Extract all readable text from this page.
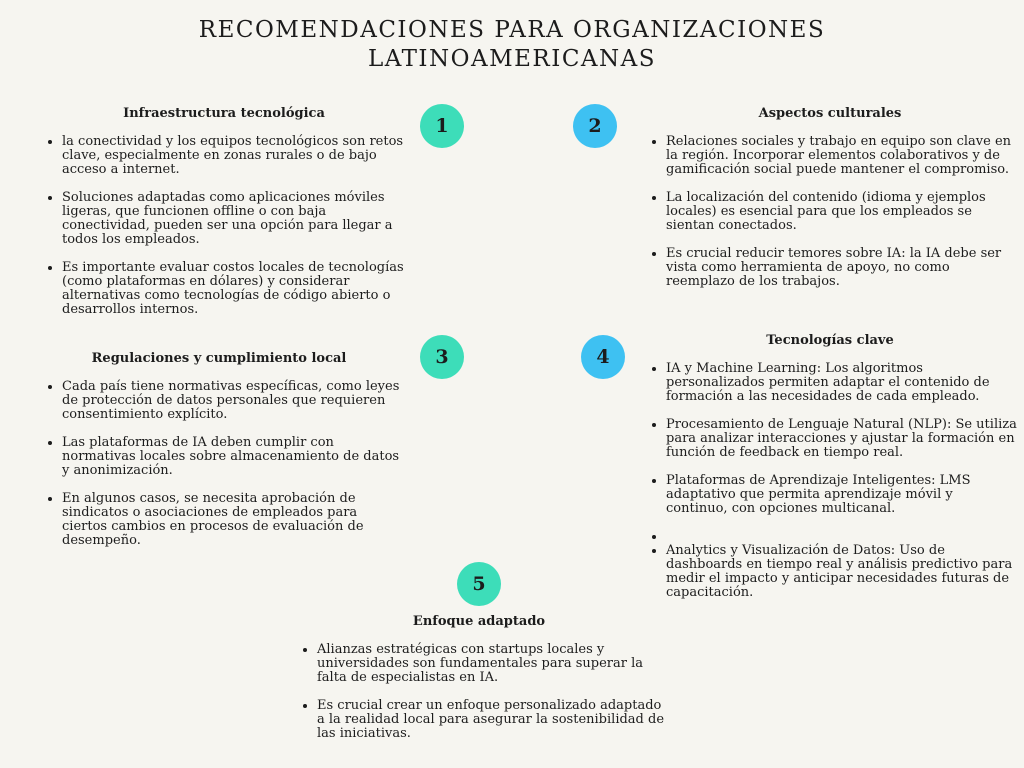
RECOMENDACIONES PARA ORGANIZACIONES
LATINOAMERICANAS
1	2
3	4
5
Infraestructura tecnológica
• la conectividad y los equipos tecnológicos son retos clave, especialmente en zonas rurales o de bajo acceso a internet.
• Soluciones adaptadas como aplicaciones móviles ligeras, que funcionen offline o con baja conectividad, pueden ser una opción para llegar a todos los empleados.
• Es importante evaluar costos locales de tecnologías (como plataformas en dólares) y considerar alternativas como tecnologías de código abierto o desarrollos internos.
Aspectos culturales
• Relaciones sociales y trabajo en equipo son clave en la región. Incorporar elementos colaborativos y de gamificación social puede mantener el compromiso.
• La localización del contenido (idioma y ejemplos locales) es esencial para que los empleados se sientan conectados.
• Es crucial reducir temores sobre IA: la IA debe ser vista como herramienta de apoyo, no como reemplazo de los trabajos.
Regulaciones y cumplimiento local
• Cada país tiene normativas específicas, como leyes de protección de datos personales que requieren consentimiento explícito.
• Las plataformas de IA deben cumplir con normativas locales sobre almacenamiento de datos y anonimización.
• En algunos casos, se necesita aprobación de sindicatos o asociaciones de empleados para ciertos cambios en procesos de evaluación de desempeño.
Tecnologías clave
• IA y Machine Learning: Los algoritmos personalizados permiten adaptar el contenido de formación a las necesidades de cada empleado.
• Procesamiento de Lenguaje Natural (NLP): Se utiliza para analizar interacciones y ajustar la formación en función de feedback en tiempo real.
• Plataformas de Aprendizaje Inteligentes: LMS adaptativo que permita aprendizaje móvil y continuo, con opciones multicanal.
•
• Analytics y Visualización de Datos: Uso de dashboards en tiempo real y análisis predictivo para medir el impacto y anticipar necesidades futuras de capacitación.
Enfoque adaptado
• Alianzas estratégicas con startups locales y universidades son fundamentales para superar la falta de especialistas en IA.
• Es crucial crear un enfoque personalizado adaptado a la realidad local para asegurar la sostenibilidad de las iniciativas.
